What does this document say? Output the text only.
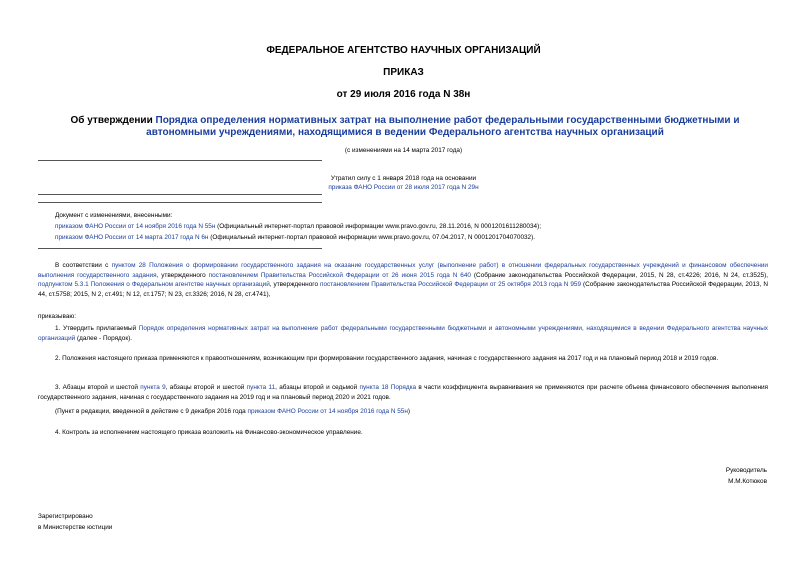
ФЕДЕРАЛЬНОЕ АГЕНТСТВО НАУЧНЫХ ОРГАНИЗАЦИЙ
ПРИКАЗ
от 29 июля 2016 года N 38н
Об утверждении Порядка определения нормативных затрат на выполнение работ федеральными государственными бюджетными и автономными учреждениями, находящимися в ведении Федерального агентства научных организаций
(с изменениями на 14 марта 2017 года)
Утратил силу с 1 января 2018 года на основании
приказа ФАНО России от 28 июля 2017 года N 29н
Документ с изменениями, внесенными:
приказом ФАНО России от 14 ноября 2016 года N 55н (Официальный интернет-портал правовой информации www.pravo.gov.ru, 28.11.2016, N 0001201611280034);
приказом ФАНО России от 14 марта 2017 года N 6н (Официальный интернет-портал правовой информации www.pravo.gov.ru, 07.04.2017, N 0001201704070032).
В соответствии с пунктом 28 Положения о формировании государственного задания на оказание государственных услуг (выполнение работ) в отношении федеральных государственных учреждений и финансовом обеспечении выполнения государственного задания, утвержденного постановлением Правительства Российской Федерации от 26 июня 2015 года N 640 (Собрание законодательства Российской Федерации, 2015, N 28, ст.4226; 2016, N 24, ст.3525), подпунктом 5.3.1 Положения о Федеральном агентстве научных организаций, утвержденного постановлением Правительства Российской Федерации от 25 октября 2013 года N 959 (Собрание законодательства Российской Федерации, 2013, N 44, ст.5758; 2015, N 2, ст.491; N 12, ст.1757; N 23, ст.3326; 2016, N 28, ст.4741),
приказываю:
1. Утвердить прилагаемый Порядок определения нормативных затрат на выполнение работ федеральными государственными бюджетными и автономными учреждениями, находящимися в ведении Федерального агентства научных организаций (далее - Порядок).
2. Положения настоящего приказа применяются к правоотношениям, возникающим при формировании государственного задания, начиная с государственного задания на 2017 год и на плановый период 2018 и 2019 годов.
3. Абзацы второй и шестой пункта 9, абзацы второй и шестой пункта 11, абзацы второй и седьмой пункта 18 Порядка в части коэффициента выравнивания не применяются при расчете объема финансового обеспечения выполнения государственного задания, начиная с государственного задания на 2019 год и на плановый период 2020 и 2021 годов.
(Пункт в редакции, введенной в действие с 9 декабря 2016 года приказом ФАНО России от 14 ноября 2016 года N 55н)
4. Контроль за исполнением настоящего приказа возложить на Финансово-экономическое управление.
Руководитель
М.М.Котюков
Зарегистрировано
в Министерстве юстиции
